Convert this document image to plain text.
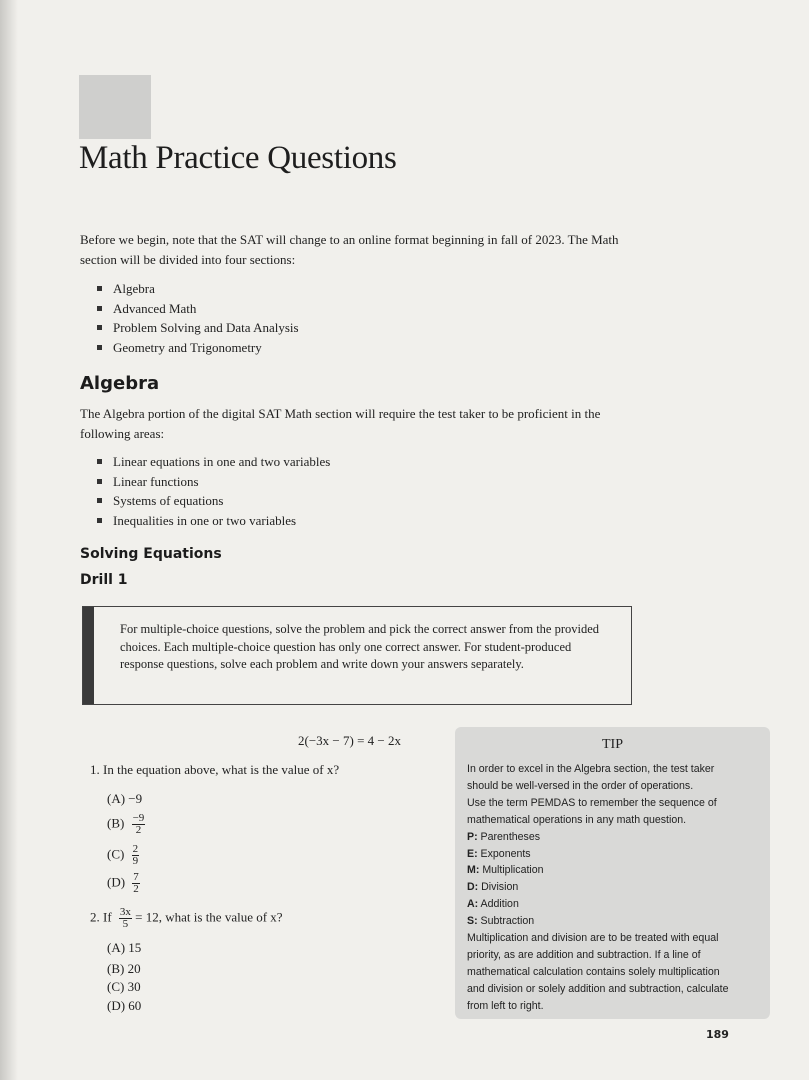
Math Practice Questions

Before we begin, note that the SAT will change to an online format beginning in fall of 2023. The Math section will be divided into four sections:

Algebra
Advanced Math
Problem Solving and Data Analysis
Geometry and Trigonometry
Algebra

The Algebra portion of the digital SAT Math section will require the test taker to be proficient in the following areas:

Linear equations in one and two variables
Linear functions
Systems of equations
Inequalities in one or two variables
Solving Equations
Drill 1

For multiple-choice questions, solve the problem and pick the correct answer from the provided choices. Each multiple-choice question has only one correct answer. For student-produced response questions, solve each problem and write down your answers separately.

2(−3x − 7) = 4 − 2x
1. In the equation above, what is the value of x?
(A) −9
$(B) \frac{-9}{2}$
$(C) \frac{2}{9}$
$(D) \frac{7}{2}$
2. If $\frac{3x}{5} = 12$, what is the value of x?
(A) 15
(B) 20
(C) 30
(D) 60
TIP
In order to excel in the Algebra section, the test taker
should be well-versed in the order of operations.
Use the term PEMDAS to remember the sequence of
mathematical operations in any math question.
P: Parentheses
E: Exponents
M: Multiplication
D: Division
A: Addition
S: Subtraction
Multiplication and division are to be treated with equal
priority, as are addition and subtraction. If a line of
mathematical calculation contains solely multiplication
and division or solely addition and subtraction, calculate
from left to right.
189
